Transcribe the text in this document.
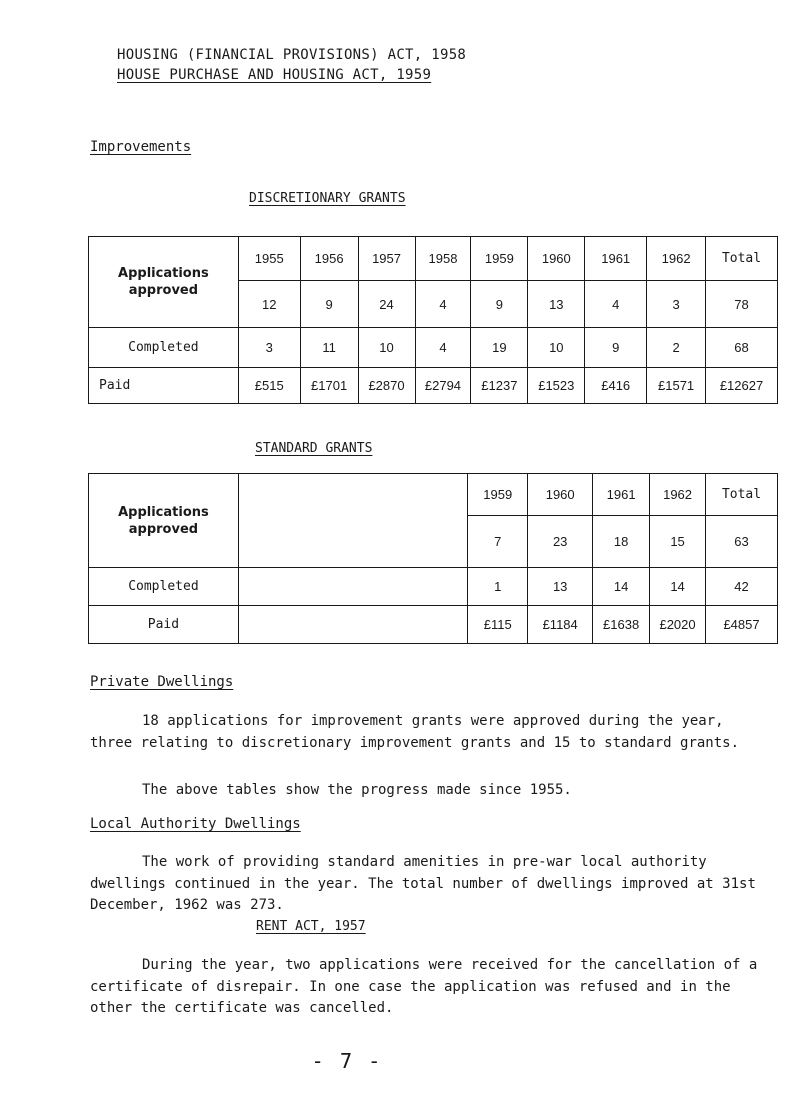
HOUSING (FINANCIAL PROVISIONS) ACT, 1958
HOUSE PURCHASE AND HOUSING ACT, 1959
Improvements
DISCRETIONARY GRANTS
Applications approved	1955	1956	1957	1958	1959	1960	1961	1962	Total
	12	9	24	4	9	13	4	3	78
Completed	3	11	10	4	19	10	9	2	68
Paid	£515	£1701	£2870	£2794	£1237	£1523	£416	£1571	£12627
STANDARD GRANTS
Applications approved		1959	1960	1961	1962	Total
		7	23	18	15	63
Completed		1	13	14	14	42
Paid		£115	£1184	£1638	£2020	£4857
Private Dwellings

18 applications for improvement grants were approved during the year, three relating to discretionary improvement grants and 15 to standard grants.

The above tables show the progress made since 1955.

Local Authority Dwellings

The work of providing standard amenities in pre-war local authority dwellings continued in the year. The total number of dwellings improved at 31st December, 1962 was 273.

RENT ACT, 1957

During the year, two applications were received for the cancellation of a certificate of disrepair. In one case the application was refused and in the other the certificate was cancelled.

- 7 -
